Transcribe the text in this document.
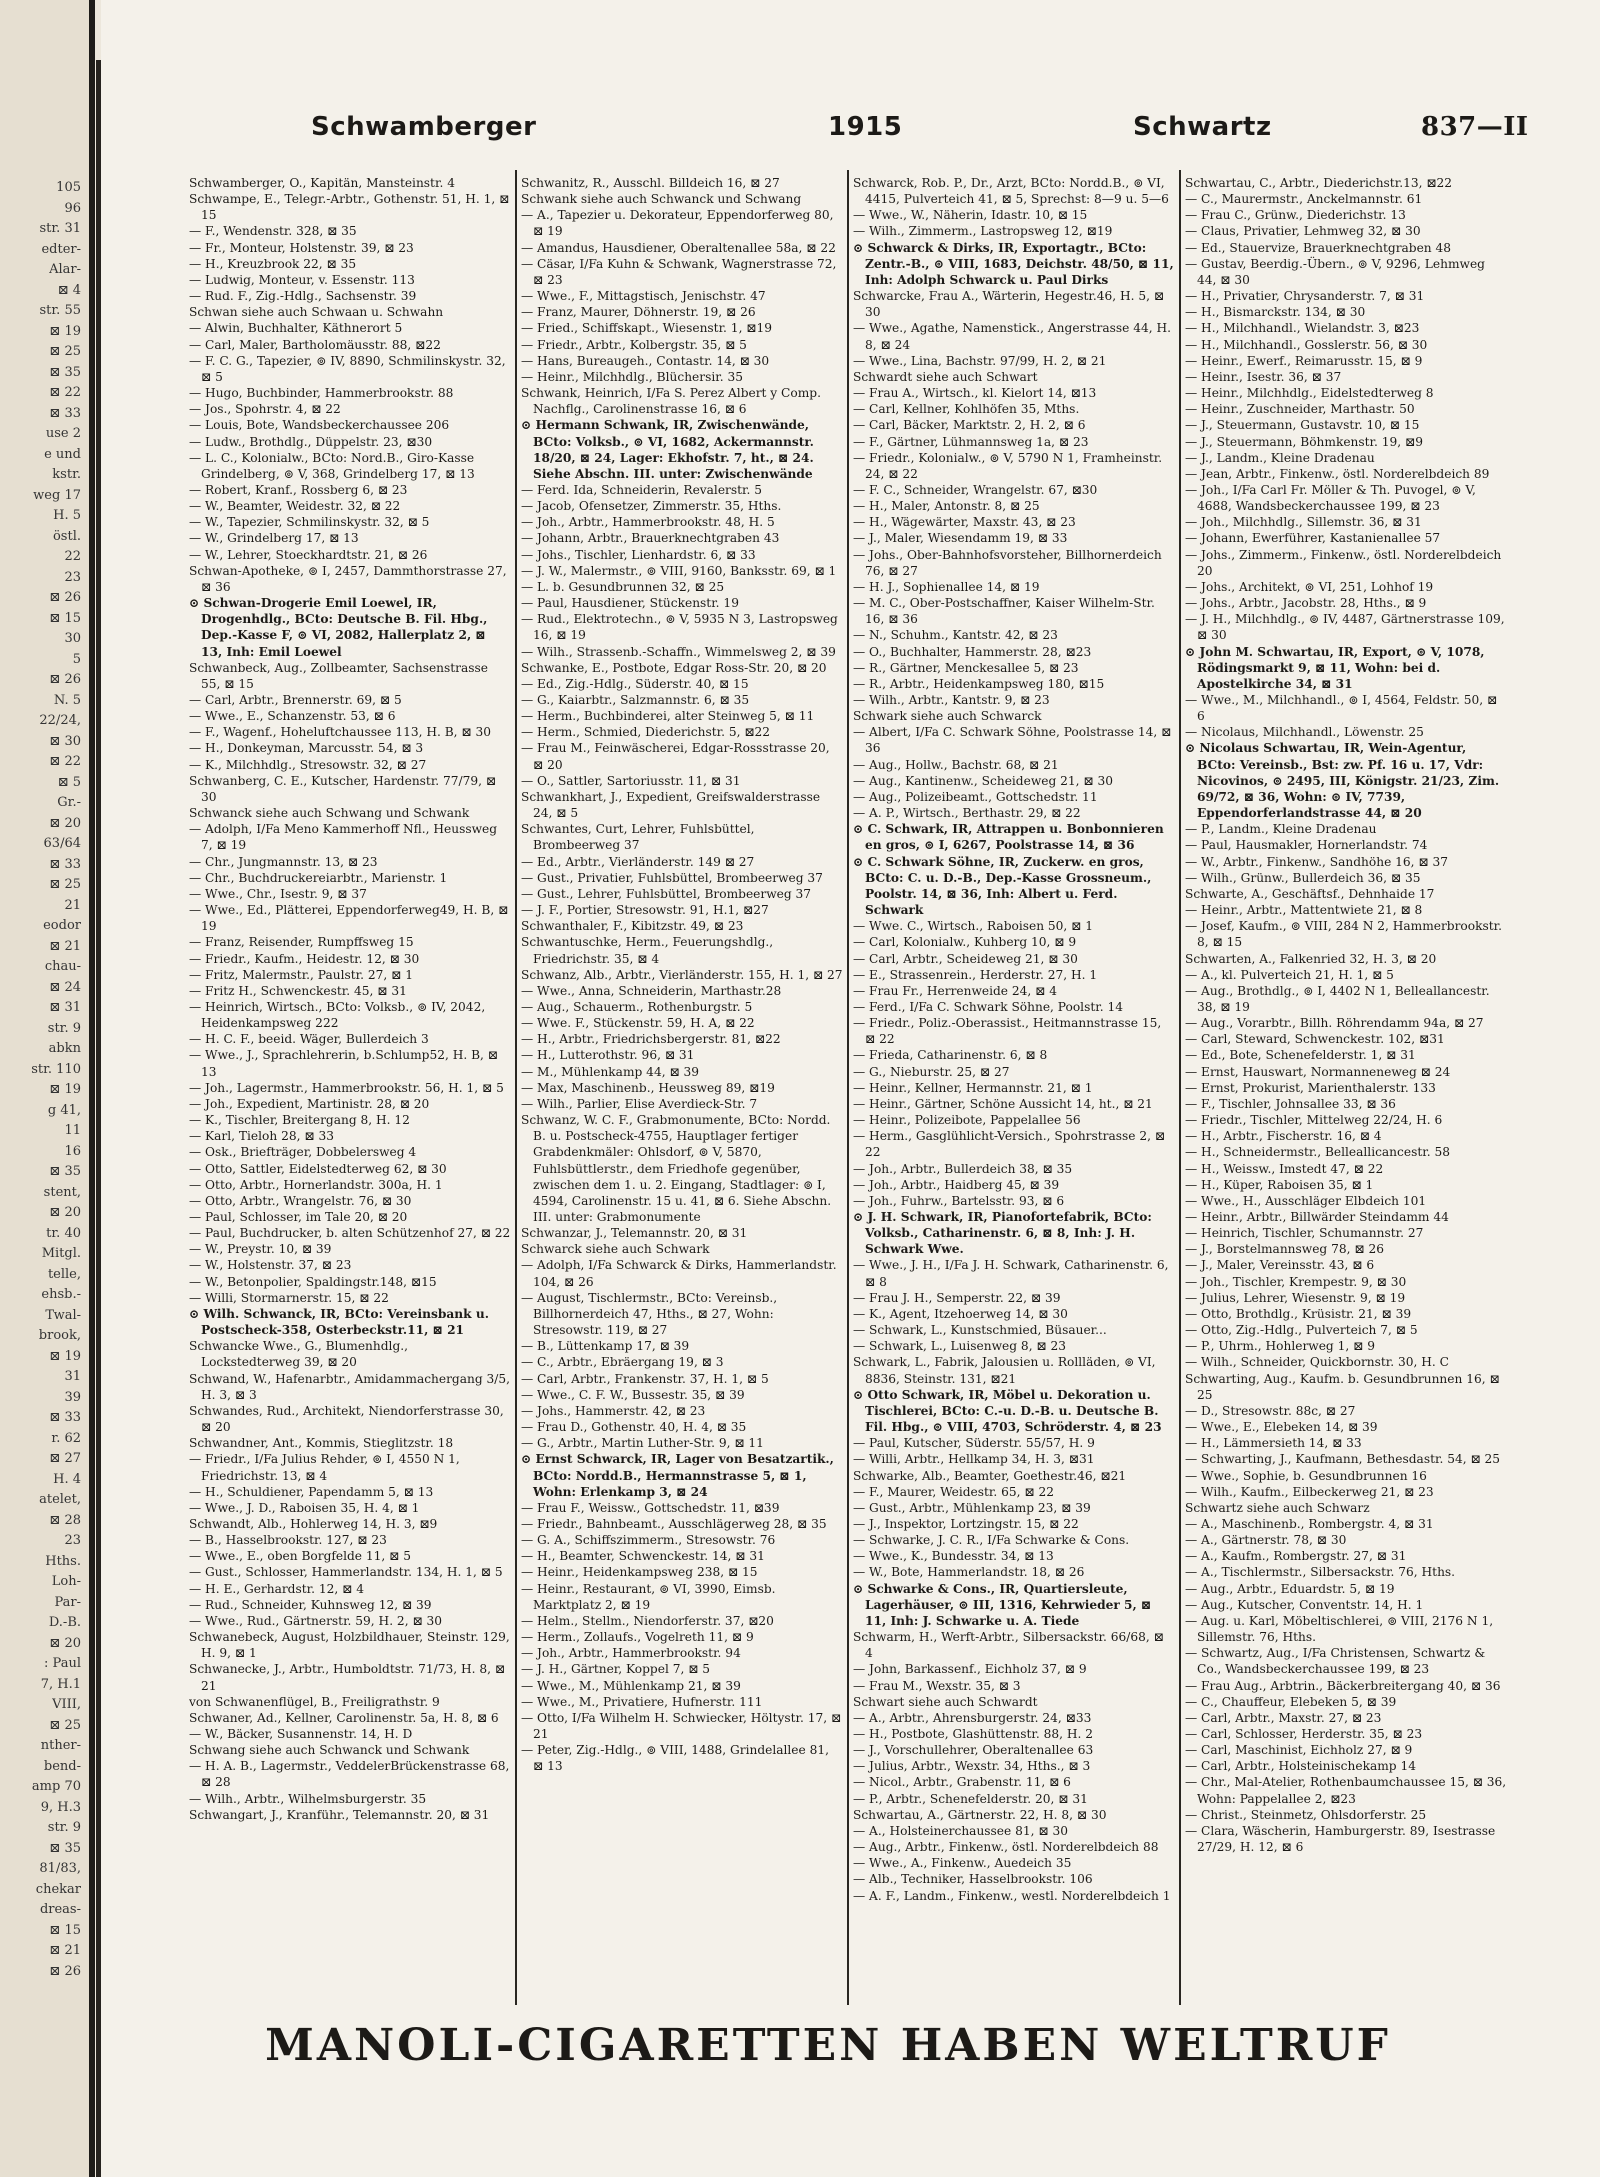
105
96
str. 31
edter-
Alar-
⊠ 4
str. 55
⊠ 19
⊠ 25
⊠ 35
⊠ 22
⊠ 33
use 2
e und
kstr.
weg 17
H. 5
östl.
22
23
⊠ 26
⊠ 15
30
5
⊠ 26
N. 5
22/24,
⊠ 30
⊠ 22
⊠ 5
Gr.-
⊠ 20
63/64
⊠ 33
⊠ 25
21
eodor
⊠ 21
chau-
⊠ 24
⊠ 31
str. 9
abkn
str. 110
⊠ 19
g 41,
11
16
⊠ 35
stent,
⊠ 20
tr. 40
Mitgl.
telle,
ehsb.-
Twal-
brook,
⊠ 19
31
39
⊠ 33
r. 62
⊠ 27
H. 4
atelet,
⊠ 28
23
Hths.
Loh-
Par-
D.-B.
⊠ 20
: Paul
7, H.1
VIII,
⊠ 25
nther-
bend-
amp 70
9, H.3
str. 9
⊠ 35
81/83,
chekar
dreas-
⊠ 15
⊠ 21
⊠ 26
Schwamberger	1915	Schwartz	837—II

Schwamberger, O., Kapitän, Mansteinstr. 4

Schwampe, E., Telegr.-Arbtr., Gothenstr. 51, H. 1, ⊠ 15

— F., Wendenstr. 328, ⊠ 35

— Fr., Monteur, Holstenstr. 39, ⊠ 23

— H., Kreuzbrook 22, ⊠ 35

— Ludwig, Monteur, v. Essenstr. 113

— Rud. F., Zig.-Hdlg., Sachsenstr. 39

Schwan siehe auch Schwaan u. Schwahn

— Alwin, Buchhalter, Käthnerort 5

— Carl, Maler, Bartholomäusstr. 88, ⊠22

— F. C. G., Tapezier, ⊚ IV, 8890, Schmilinskystr. 32, ⊠ 5

— Hugo, Buchbinder, Hammerbrookstr. 88

— Jos., Spohrstr. 4, ⊠ 22

— Louis, Bote, Wandsbeckerchaussee 206

— Ludw., Brothdlg., Düppelstr. 23, ⊠30

— L. C., Kolonialw., BCto: Nord.B., Giro-Kasse Grindelberg, ⊚ V, 368, Grindelberg 17, ⊠ 13

— Robert, Kranf., Rossberg 6, ⊠ 23

— W., Beamter, Weidestr. 32, ⊠ 22

— W., Tapezier, Schmilinskystr. 32, ⊠ 5

— W., Grindelberg 17, ⊠ 13

— W., Lehrer, Stoeckhardtstr. 21, ⊠ 26

Schwan-Apotheke, ⊚ I, 2457, Dammthorstrasse 27, ⊠ 36

⊙ Schwan-Drogerie Emil Loewel, IR, Drogenhdlg., BCto: Deutsche B. Fil. Hbg., Dep.-Kasse F, ⊚ VI, 2082, Hallerplatz 2, ⊠ 13, Inh: Emil Loewel

Schwanbeck, Aug., Zollbeamter, Sachsenstrasse 55, ⊠ 15

— Carl, Arbtr., Brennerstr. 69, ⊠ 5

— Wwe., E., Schanzenstr. 53, ⊠ 6

— F., Wagenf., Hoheluftchaussee 113, H. B, ⊠ 30

— H., Donkeyman, Marcusstr. 54, ⊠ 3

— K., Milchhdlg., Stresowstr. 32, ⊠ 27

Schwanberg, C. E., Kutscher, Hardenstr. 77/79, ⊠ 30

Schwanck siehe auch Schwang und Schwank

— Adolph, I/Fa Meno Kammerhoff Nfl., Heussweg 7, ⊠ 19

— Chr., Jungmannstr. 13, ⊠ 23

— Chr., Buchdruckereiarbtr., Marienstr. 1

— Wwe., Chr., Isestr. 9, ⊠ 37

— Wwe., Ed., Plätterei, Eppendorferweg49, H. B, ⊠ 19

— Franz, Reisender, Rumpffsweg 15

— Friedr., Kaufm., Heidestr. 12, ⊠ 30

— Fritz, Malermstr., Paulstr. 27, ⊠ 1

— Fritz H., Schwenckestr. 45, ⊠ 31

— Heinrich, Wirtsch., BCto: Volksb., ⊚ IV, 2042, Heidenkampsweg 222

— H. C. F., beeid. Wäger, Bullerdeich 3

— Wwe., J., Sprachlehrerin, b.Schlump52, H. B, ⊠ 13

— Joh., Lagermstr., Hammerbrookstr. 56, H. 1, ⊠ 5

— Joh., Expedient, Martinistr. 28, ⊠ 20

— K., Tischler, Breitergang 8, H. 12

— Karl, Tieloh 28, ⊠ 33

— Osk., Briefträger, Dobbelersweg 4

— Otto, Sattler, Eidelstedterweg 62, ⊠ 30

— Otto, Arbtr., Hornerlandstr. 300a, H. 1

— Otto, Arbtr., Wrangelstr. 76, ⊠ 30

— Paul, Schlosser, im Tale 20, ⊠ 20

— Paul, Buchdrucker, b. alten Schützenhof 27, ⊠ 22

— W., Preystr. 10, ⊠ 39

— W., Holstenstr. 37, ⊠ 23

— W., Betonpolier, Spaldingstr.148, ⊠15

— Willi, Stormarnerstr. 15, ⊠ 22

⊙ Wilh. Schwanck, IR, BCto: Vereinsbank u. Postscheck-358, Osterbeckstr.11, ⊠ 21

Schwancke Wwe., G., Blumenhdlg., Lockstedterweg 39, ⊠ 20

Schwand, W., Hafenarbtr., Amidammachergang 3/5, H. 3, ⊠ 3

Schwandes, Rud., Architekt, Niendorferstrasse 30, ⊠ 20

Schwandner, Ant., Kommis, Stieglitzstr. 18

— Friedr., I/Fa Julius Rehder, ⊚ I, 4550 N 1, Friedrichstr. 13, ⊠ 4

— H., Schuldiener, Papendamm 5, ⊠ 13

— Wwe., J. D., Raboisen 35, H. 4, ⊠ 1

Schwandt, Alb., Hohlerweg 14, H. 3, ⊠9

— B., Hasselbrookstr. 127, ⊠ 23

— Wwe., E., oben Borgfelde 11, ⊠ 5

— Gust., Schlosser, Hammerlandstr. 134, H. 1, ⊠ 5

— H. E., Gerhardstr. 12, ⊠ 4

— Rud., Schneider, Kuhnsweg 12, ⊠ 39

— Wwe., Rud., Gärtnerstr. 59, H. 2, ⊠ 30

Schwanebeck, August, Holzbildhauer, Steinstr. 129, H. 9, ⊠ 1

Schwanecke, J., Arbtr., Humboldtstr. 71/73, H. 8, ⊠ 21

von Schwanenflügel, B., Freiligrathstr. 9

Schwaner, Ad., Kellner, Carolinenstr. 5a, H. 8, ⊠ 6

— W., Bäcker, Susannenstr. 14, H. D

Schwang siehe auch Schwanck und Schwank

— H. A. B., Lagermstr., VeddelerBrückenstrasse 68, ⊠ 28

— Wilh., Arbtr., Wilhelmsburgerstr. 35

Schwangart, J., Kranführ., Telemannstr. 20, ⊠ 31

Schwanitz, R., Ausschl. Billdeich 16, ⊠ 27

Schwank siehe auch Schwanck und Schwang

— A., Tapezier u. Dekorateur, Eppendorferweg 80, ⊠ 19

— Amandus, Hausdiener, Oberaltenallee 58a, ⊠ 22

— Cäsar, I/Fa Kuhn & Schwank, Wagnerstrasse 72, ⊠ 23

— Wwe., F., Mittagstisch, Jenischstr. 47

— Franz, Maurer, Döhnerstr. 19, ⊠ 26

— Fried., Schiffskapt., Wiesenstr. 1, ⊠19

— Friedr., Arbtr., Kolbergstr. 35, ⊠ 5

— Hans, Bureaugeh., Contastr. 14, ⊠ 30

— Heinr., Milchhdlg., Blüchersir. 35

Schwank, Heinrich, I/Fa S. Perez Albert y Comp. Nachflg., Carolinenstrasse 16, ⊠ 6

⊙ Hermann Schwank, IR, Zwischenwände, BCto: Volksb., ⊚ VI, 1682, Ackermannstr. 18/20, ⊠ 24, Lager: Ekhofstr. 7, ht., ⊠ 24. Siehe Abschn. III. unter: Zwischenwände

— Ferd. Ida, Schneiderin, Revalerstr. 5

— Jacob, Ofensetzer, Zimmerstr. 35, Hths.

— Joh., Arbtr., Hammerbrookstr. 48, H. 5

— Johann, Arbtr., Brauerknechtgraben 43

— Johs., Tischler, Lienhardstr. 6, ⊠ 33

— J. W., Malermstr., ⊚ VIII, 9160, Banksstr. 69, ⊠ 1

— L. b. Gesundbrunnen 32, ⊠ 25

— Paul, Hausdiener, Stückenstr. 19

— Rud., Elektrotechn., ⊚ V, 5935 N 3, Lastropsweg 16, ⊠ 19

— Wilh., Strassenb.-Schaffn., Wimmelsweg 2, ⊠ 39

Schwanke, E., Postbote, Edgar Ross-Str. 20, ⊠ 20

— Ed., Zig.-Hdlg., Süderstr. 40, ⊠ 15

— G., Kaiarbtr., Salzmannstr. 6, ⊠ 35

— Herm., Buchbinderei, alter Steinweg 5, ⊠ 11

— Herm., Schmied, Diederichstr. 5, ⊠22

— Frau M., Feinwäscherei, Edgar-Rossstrasse 20, ⊠ 20

— O., Sattler, Sartoriusstr. 11, ⊠ 31

Schwankhart, J., Expedient, Greifswalderstrasse 24, ⊠ 5

Schwantes, Curt, Lehrer, Fuhlsbüttel, Brombeerweg 37

— Ed., Arbtr., Vierländerstr. 149 ⊠ 27

— Gust., Privatier, Fuhlsbüttel, Brombeerweg 37

— Gust., Lehrer, Fuhlsbüttel, Brombeerweg 37

— J. F., Portier, Stresowstr. 91, H.1, ⊠27

Schwanthaler, F., Kibitzstr. 49, ⊠ 23

Schwantuschke, Herm., Feuerungshdlg., Friedrichstr. 35, ⊠ 4

Schwanz, Alb., Arbtr., Vierländerstr. 155, H. 1, ⊠ 27

— Wwe., Anna, Schneiderin, Marthastr.28

— Aug., Schauerm., Rothenburgstr. 5

— Wwe. F., Stückenstr. 59, H. A, ⊠ 22

— H., Arbtr., Friedrichsbergerstr. 81, ⊠22

— H., Lutterothstr. 96, ⊠ 31

— M., Mühlenkamp 44, ⊠ 39

— Max, Maschinenb., Heussweg 89, ⊠19

— Wilh., Parlier, Elise Averdieck-Str. 7

Schwanz, W. C. F., Grabmonumente, BCto: Nordd. B. u. Postscheck-4755, Hauptlager fertiger Grabdenkmäler: Ohlsdorf, ⊚ V, 5870, Fuhlsbüttlerstr., dem Friedhofe gegenüber, zwischen dem 1. u. 2. Eingang, Stadtlager: ⊚ I, 4594, Carolinenstr. 15 u. 41, ⊠ 6. Siehe Abschn. III. unter: Grabmonumente

Schwanzar, J., Telemannstr. 20, ⊠ 31

Schwarck siehe auch Schwark

— Adolph, I/Fa Schwarck & Dirks, Hammerlandstr. 104, ⊠ 26

— August, Tischlermstr., BCto: Vereinsb., Billhornerdeich 47, Hths., ⊠ 27, Wohn: Stresowstr. 119, ⊠ 27

— B., Lüttenkamp 17, ⊠ 39

— C., Arbtr., Ebräergang 19, ⊠ 3

— Carl, Arbtr., Frankenstr. 37, H. 1, ⊠ 5

— Wwe., C. F. W., Bussestr. 35, ⊠ 39

— Johs., Hammerstr. 42, ⊠ 23

— Frau D., Gothenstr. 40, H. 4, ⊠ 35

— G., Arbtr., Martin Luther-Str. 9, ⊠ 11

⊙ Ernst Schwarck, IR, Lager von Besatzartik., BCto: Nordd.B., Hermannstrasse 5, ⊠ 1, Wohn: Erlenkamp 3, ⊠ 24

— Frau F., Weissw., Gottschedstr. 11, ⊠39

— Friedr., Bahnbeamt., Ausschlägerweg 28, ⊠ 35

— G. A., Schiffszimmerm., Stresowstr. 76

— H., Beamter, Schwenckestr. 14, ⊠ 31

— Heinr., Heidenkampsweg 238, ⊠ 15

— Heinr., Restaurant, ⊚ VI, 3990, Eimsb. Marktplatz 2, ⊠ 19

— Helm., Stellm., Niendorferstr. 37, ⊠20

— Herm., Zollaufs., Vogelreth 11, ⊠ 9

— Joh., Arbtr., Hammerbrookstr. 94

— J. H., Gärtner, Koppel 7, ⊠ 5

— Wwe., M., Mühlenkamp 21, ⊠ 39

— Wwe., M., Privatiere, Hufnerstr. 111

— Otto, I/Fa Wilhelm H. Schwiecker, Höltystr. 17, ⊠ 21

— Peter, Zig.-Hdlg., ⊚ VIII, 1488, Grindelallee 81, ⊠ 13

Schwarck, Rob. P., Dr., Arzt, BCto: Nordd.B., ⊚ VI, 4415, Pulverteich 41, ⊠ 5, Sprechst: 8—9 u. 5—6

— Wwe., W., Näherin, Idastr. 10, ⊠ 15

— Wilh., Zimmerm., Lastropsweg 12, ⊠19

⊙ Schwarck & Dirks, IR, Exportagtr., BCto: Zentr.-B., ⊚ VIII, 1683, Deichstr. 48/50, ⊠ 11, Inh: Adolph Schwarck u. Paul Dirks

Schwarcke, Frau A., Wärterin, Hegestr.46, H. 5, ⊠ 30

— Wwe., Agathe, Namenstick., Angerstrasse 44, H. 8, ⊠ 24

— Wwe., Lina, Bachstr. 97/99, H. 2, ⊠ 21

Schwardt siehe auch Schwart

— Frau A., Wirtsch., kl. Kielort 14, ⊠13

— Carl, Kellner, Kohlhöfen 35, Mths.

— Carl, Bäcker, Marktstr. 2, H. 2, ⊠ 6

— F., Gärtner, Lühmannsweg 1a, ⊠ 23

— Friedr., Kolonialw., ⊚ V, 5790 N 1, Framheinstr. 24, ⊠ 22

— F. C., Schneider, Wrangelstr. 67, ⊠30

— H., Maler, Antonstr. 8, ⊠ 25

— H., Wägewärter, Maxstr. 43, ⊠ 23

— J., Maler, Wiesendamm 19, ⊠ 33

— Johs., Ober-Bahnhofsvorsteher, Billhornerdeich 76, ⊠ 27

— H. J., Sophienallee 14, ⊠ 19

— M. C., Ober-Postschaffner, Kaiser Wilhelm-Str. 16, ⊠ 36

— N., Schuhm., Kantstr. 42, ⊠ 23

— O., Buchhalter, Hammerstr. 28, ⊠23

— R., Gärtner, Menckesallee 5, ⊠ 23

— R., Arbtr., Heidenkampsweg 180, ⊠15

— Wilh., Arbtr., Kantstr. 9, ⊠ 23

Schwark siehe auch Schwarck

— Albert, I/Fa C. Schwark Söhne, Poolstrasse 14, ⊠ 36

— Aug., Hollw., Bachstr. 68, ⊠ 21

— Aug., Kantinenw., Scheideweg 21, ⊠ 30

— Aug., Polizeibeamt., Gottschedstr. 11

— A. P., Wirtsch., Berthastr. 29, ⊠ 22

⊙ C. Schwark, IR, Attrappen u. Bonbonnieren en gros, ⊚ I, 6267, Poolstrasse 14, ⊠ 36

⊙ C. Schwark Söhne, IR, Zuckerw. en gros, BCto: C. u. D.-B., Dep.-Kasse Grossneum., Poolstr. 14, ⊠ 36, Inh: Albert u. Ferd. Schwark

— Wwe. C., Wirtsch., Raboisen 50, ⊠ 1

— Carl, Kolonialw., Kuhberg 10, ⊠ 9

— Carl, Arbtr., Scheideweg 21, ⊠ 30

— E., Strassenrein., Herderstr. 27, H. 1

— Frau Fr., Herrenweide 24, ⊠ 4

— Ferd., I/Fa C. Schwark Söhne, Poolstr. 14

— Friedr., Poliz.-Oberassist., Heitmannstrasse 15, ⊠ 22

— Frieda, Catharinenstr. 6, ⊠ 8

— G., Nieburstr. 25, ⊠ 27

— Heinr., Kellner, Hermannstr. 21, ⊠ 1

— Heinr., Gärtner, Schöne Aussicht 14, ht., ⊠ 21

— Heinr., Polizeibote, Pappelallee 56

— Herm., Gasglühlicht-Versich., Spohrstrasse 2, ⊠ 22

— Joh., Arbtr., Bullerdeich 38, ⊠ 35

— Joh., Arbtr., Haidberg 45, ⊠ 39

— Joh., Fuhrw., Bartelsstr. 93, ⊠ 6

⊙ J. H. Schwark, IR, Pianofortefabrik, BCto: Volksb., Catharinenstr. 6, ⊠ 8, Inh: J. H. Schwark Wwe.

— Wwe., J. H., I/Fa J. H. Schwark, Catharinenstr. 6, ⊠ 8

— Frau J. H., Semperstr. 22, ⊠ 39

— K., Agent, Itzehoerweg 14, ⊠ 30

— Schwark, L., Kunstschmied, Büsauer...

— Schwark, L., Luisenweg 8, ⊠ 23

Schwark, L., Fabrik, Jalousien u. Rollläden, ⊚ VI, 8836, Steinstr. 131, ⊠21

⊙ Otto Schwark, IR, Möbel u. Dekoration u. Tischlerei, BCto: C.-u. D.-B. u. Deutsche B. Fil. Hbg., ⊚ VIII, 4703, Schröderstr. 4, ⊠ 23

— Paul, Kutscher, Süderstr. 55/57, H. 9

— Willi, Arbtr., Hellkamp 34, H. 3, ⊠31

Schwarke, Alb., Beamter, Goethestr.46, ⊠21

— F., Maurer, Weidestr. 65, ⊠ 22

— Gust., Arbtr., Mühlenkamp 23, ⊠ 39

— J., Inspektor, Lortzingstr. 15, ⊠ 22

— Schwarke, J. C. R., I/Fa Schwarke & Cons.

— Wwe., K., Bundesstr. 34, ⊠ 13

— W., Bote, Hammerlandstr. 18, ⊠ 26

⊙ Schwarke & Cons., IR, Quartiersleute, Lagerhäuser, ⊚ III, 1316, Kehrwieder 5, ⊠ 11, Inh: J. Schwarke u. A. Tiede

Schwarm, H., Werft-Arbtr., Silbersackstr. 66/68, ⊠ 4

— John, Barkassenf., Eichholz 37, ⊠ 9

— Frau M., Wexstr. 35, ⊠ 3

Schwart siehe auch Schwardt

— A., Arbtr., Ahrensburgerstr. 24, ⊠33

— H., Postbote, Glashüttenstr. 88, H. 2

— J., Vorschullehrer, Oberaltenallee 63

— Julius, Arbtr., Wexstr. 34, Hths., ⊠ 3

— Nicol., Arbtr., Grabenstr. 11, ⊠ 6

— P., Arbtr., Schenefelderstr. 20, ⊠ 31

Schwartau, A., Gärtnerstr. 22, H. 8, ⊠ 30

— A., Holsteinerchaussee 81, ⊠ 30

— Aug., Arbtr., Finkenw., östl. Norderelbdeich 88

— Wwe., A., Finkenw., Auedeich 35

— Alb., Techniker, Hasselbrookstr. 106

— A. F., Landm., Finkenw., westl. Norderelbdeich 1

Schwartau, C., Arbtr., Diederichstr.13, ⊠22

— C., Maurermstr., Anckelmannstr. 61

— Frau C., Grünw., Diederichstr. 13

— Claus, Privatier, Lehmweg 32, ⊠ 30

— Ed., Stauervize, Brauerknechtgraben 48

— Gustav, Beerdig.-Übern., ⊚ V, 9296, Lehmweg 44, ⊠ 30

— H., Privatier, Chrysanderstr. 7, ⊠ 31

— H., Bismarckstr. 134, ⊠ 30

— H., Milchhandl., Wielandstr. 3, ⊠23

— H., Milchhandl., Gosslerstr. 56, ⊠ 30

— Heinr., Ewerf., Reimarusstr. 15, ⊠ 9

— Heinr., Isestr. 36, ⊠ 37

— Heinr., Milchhdlg., Eidelstedterweg 8

— Heinr., Zuschneider, Marthastr. 50

— J., Steuermann, Gustavstr. 10, ⊠ 15

— J., Steuermann, Böhmkenstr. 19, ⊠9

— J., Landm., Kleine Dradenau

— Jean, Arbtr., Finkenw., östl. Norderelbdeich 89

— Joh., I/Fa Carl Fr. Möller & Th. Puvogel, ⊚ V, 4688, Wandsbeckerchaussee 199, ⊠ 23

— Joh., Milchhdlg., Sillemstr. 36, ⊠ 31

— Johann, Ewerführer, Kastanienallee 57

— Johs., Zimmerm., Finkenw., östl. Norderelbdeich 20

— Johs., Architekt, ⊚ VI, 251, Lohhof 19

— Johs., Arbtr., Jacobstr. 28, Hths., ⊠ 9

— J. H., Milchhdlg., ⊚ IV, 4487, Gärtnerstrasse 109, ⊠ 30

⊙ John M. Schwartau, IR, Export, ⊚ V, 1078, Rödingsmarkt 9, ⊠ 11, Wohn: bei d. Apostelkirche 34, ⊠ 31

— Wwe., M., Milchhandl., ⊚ I, 4564, Feldstr. 50, ⊠ 6

— Nicolaus, Milchhandl., Löwenstr. 25

⊙ Nicolaus Schwartau, IR, Wein-Agentur, BCto: Vereinsb., Bst: zw. Pf. 16 u. 17, Vdr: Nicovinos, ⊚ 2495, III, Königstr. 21/23, Zim. 69/72, ⊠ 36, Wohn: ⊚ IV, 7739, Eppendorferlandstrasse 44, ⊠ 20

— P., Landm., Kleine Dradenau

— Paul, Hausmakler, Hornerlandstr. 74

— W., Arbtr., Finkenw., Sandhöhe 16, ⊠ 37

— Wilh., Grünw., Bullerdeich 36, ⊠ 35

Schwarte, A., Geschäftsf., Dehnhaide 17

— Heinr., Arbtr., Mattentwiete 21, ⊠ 8

— Josef, Kaufm., ⊚ VIII, 284 N 2, Hammerbrookstr. 8, ⊠ 15

Schwarten, A., Falkenried 32, H. 3, ⊠ 20

— A., kl. Pulverteich 21, H. 1, ⊠ 5

— Aug., Brothdlg., ⊚ I, 4402 N 1, Belleallancestr. 38, ⊠ 19

— Aug., Vorarbtr., Billh. Röhrendamm 94a, ⊠ 27

— Carl, Steward, Schwenckestr. 102, ⊠31

— Ed., Bote, Schenefelderstr. 1, ⊠ 31

— Ernst, Hauswart, Normanneneweg ⊠ 24

— Ernst, Prokurist, Marienthalerstr. 133

— F., Tischler, Johnsallee 33, ⊠ 36

— Friedr., Tischler, Mittelweg 22/24, H. 6

— H., Arbtr., Fischerstr. 16, ⊠ 4

— H., Schneidermstr., Belleallicancestr. 58

— H., Weissw., Imstedt 47, ⊠ 22

— H., Küper, Raboisen 35, ⊠ 1

— Wwe., H., Ausschläger Elbdeich 101

— Heinr., Arbtr., Billwärder Steindamm 44

— Heinrich, Tischler, Schumannstr. 27

— J., Borstelmannsweg 78, ⊠ 26

— J., Maler, Vereinsstr. 43, ⊠ 6

— Joh., Tischler, Krempestr. 9, ⊠ 30

— Julius, Lehrer, Wiesenstr. 9, ⊠ 19

— Otto, Brothdlg., Krüsistr. 21, ⊠ 39

— Otto, Zig.-Hdlg., Pulverteich 7, ⊠ 5

— P., Uhrm., Hohlerweg 1, ⊠ 9

— Wilh., Schneider, Quickbornstr. 30, H. C

Schwarting, Aug., Kaufm. b. Gesundbrunnen 16, ⊠ 25

— D., Stresowstr. 88c, ⊠ 27

— Wwe., E., Elebeken 14, ⊠ 39

— H., Lämmersieth 14, ⊠ 33

— Schwarting, J., Kaufmann, Bethesdastr. 54, ⊠ 25

— Wwe., Sophie, b. Gesundbrunnen 16

— Wilh., Kaufm., Eilbeckerweg 21, ⊠ 23

Schwartz siehe auch Schwarz

— A., Maschinenb., Rombergstr. 4, ⊠ 31

— A., Gärtnerstr. 78, ⊠ 30

— A., Kaufm., Rombergstr. 27, ⊠ 31

— A., Tischlermstr., Silbersackstr. 76, Hths.

— Aug., Arbtr., Eduardstr. 5, ⊠ 19

— Aug., Kutscher, Conventstr. 14, H. 1

— Aug. u. Karl, Möbeltischlerei, ⊚ VIII, 2176 N 1, Sillemstr. 76, Hths.

— Schwartz, Aug., I/Fa Christensen, Schwartz & Co., Wandsbeckerchaussee 199, ⊠ 23

— Frau Aug., Arbtrin., Bäckerbreitergang 40, ⊠ 36

— C., Chauffeur, Elebeken 5, ⊠ 39

— Carl, Arbtr., Maxstr. 27, ⊠ 23

— Carl, Schlosser, Herderstr. 35, ⊠ 23

— Carl, Maschinist, Eichholz 27, ⊠ 9

— Carl, Arbtr., Holsteinischekamp 14

— Chr., Mal-Atelier, Rothenbaumchaussee 15, ⊠ 36, Wohn: Pappelallee 2, ⊠23

— Christ., Steinmetz, Ohlsdorferstr. 25

— Clara, Wäscherin, Hamburgerstr. 89, Isestrasse 27/29, H. 12, ⊠ 6

MANOLI-CIGARETTEN HABEN WELTRUF
